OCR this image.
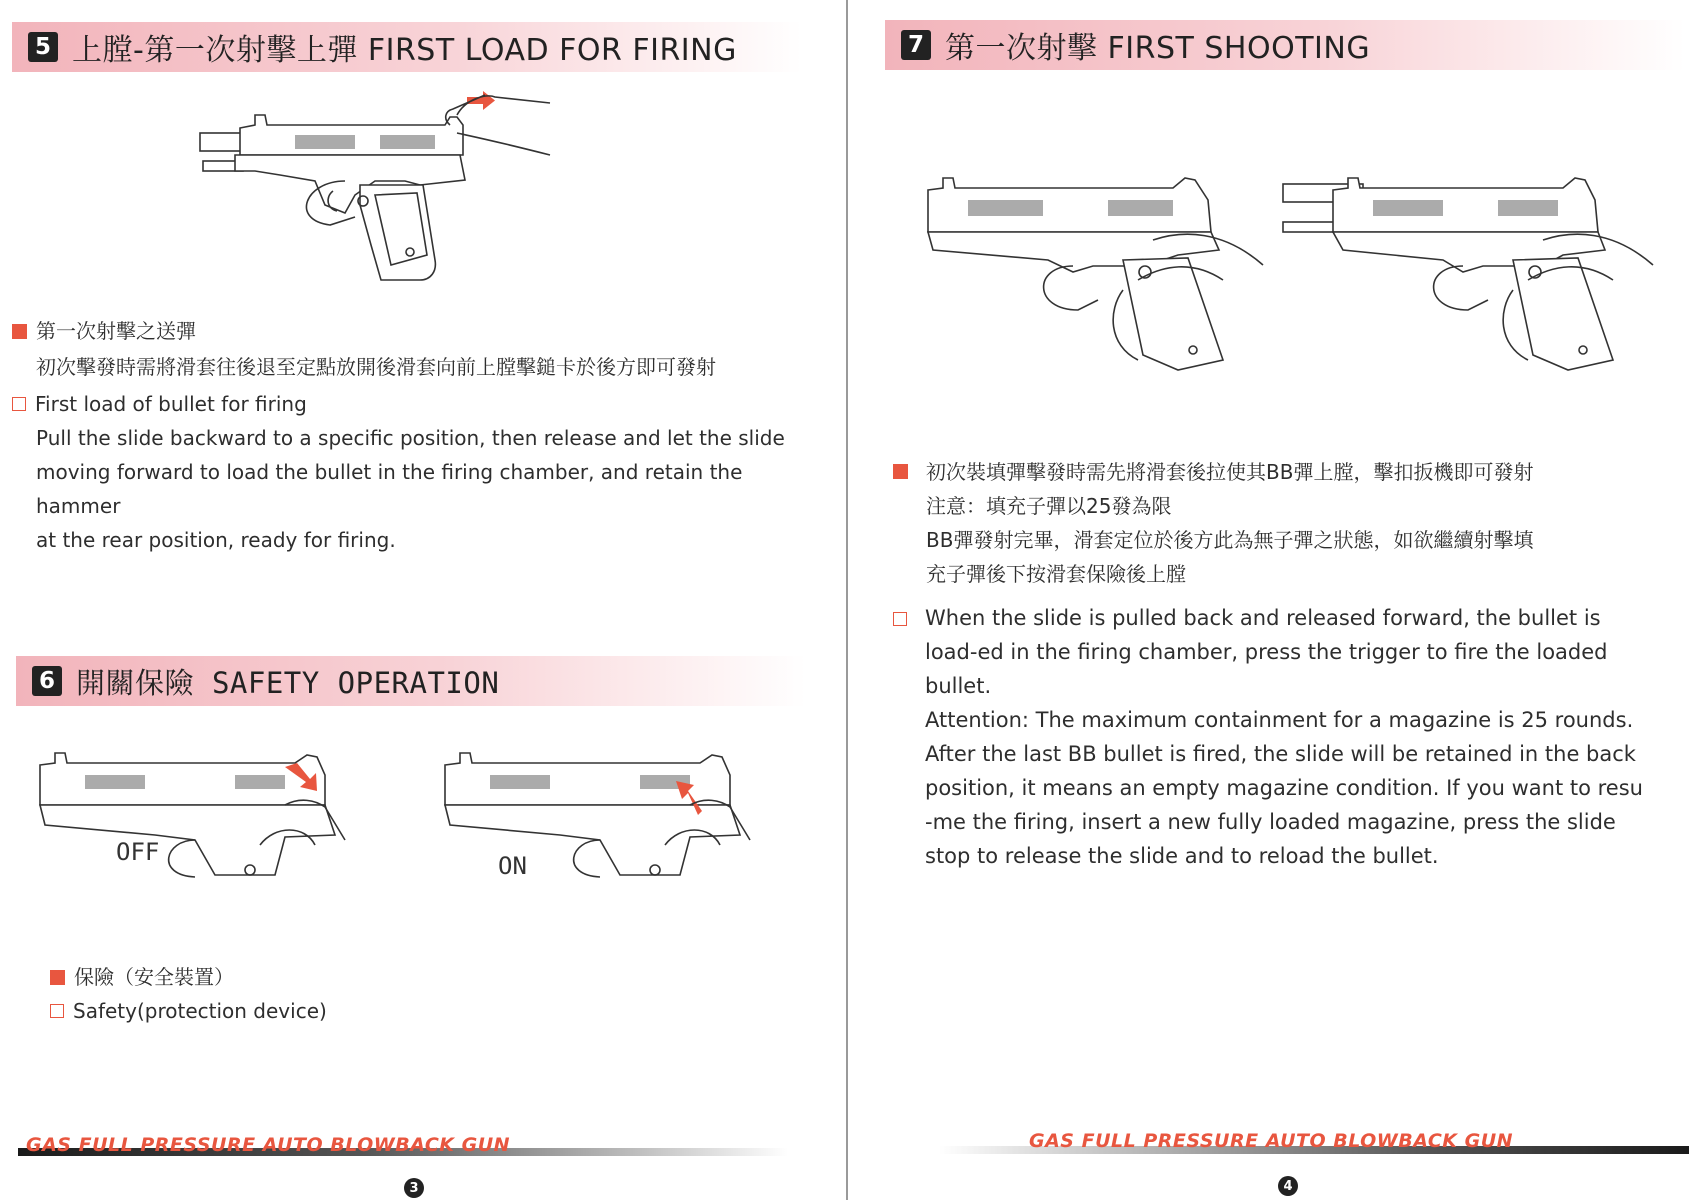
5 上膛-第一次射擊上彈 FIRST LOAD FOR FIRING
第一次射擊之送彈
初次擊發時需將滑套往後退至定點放開後滑套向前上膛擊鎚卡於後方即可發射
First load of bullet for firing
Pull the slide backward to a specific position, then release and let the slide
moving forward to load the bullet in the firing chamber, and retain the hammer
at the rear position, ready for firing.
6 開關保險 SAFETY OPERATION
OFF	ON
保險（安全裝置）
Safety(protection device)
GAS FULL PRESSURE AUTO BLOWBACK GUN
3
7 第一次射擊 FIRST SHOOTING
初次裝填彈擊發時需先將滑套後拉使其BB彈上膛，擊扣扳機即可發射
注意：填充子彈以25發為限
BB彈發射完畢，滑套定位於後方此為無子彈之狀態，如欲繼續射擊填
充子彈後下按滑套保險後上膛
When the slide is pulled back and released forward, the bullet is
load-ed in the firing chamber, press the trigger to fire the loaded
bullet.
Attention: The maximum containment for a magazine is 25 rounds.
After the last BB bullet is fired, the slide will be retained in the back
position, it means an empty magazine condition. If you want to resu
-me the firing, insert a new fully loaded magazine, press the slide
stop to release the slide and to reload the bullet.
GAS FULL PRESSURE AUTO BLOWBACK GUN
4
